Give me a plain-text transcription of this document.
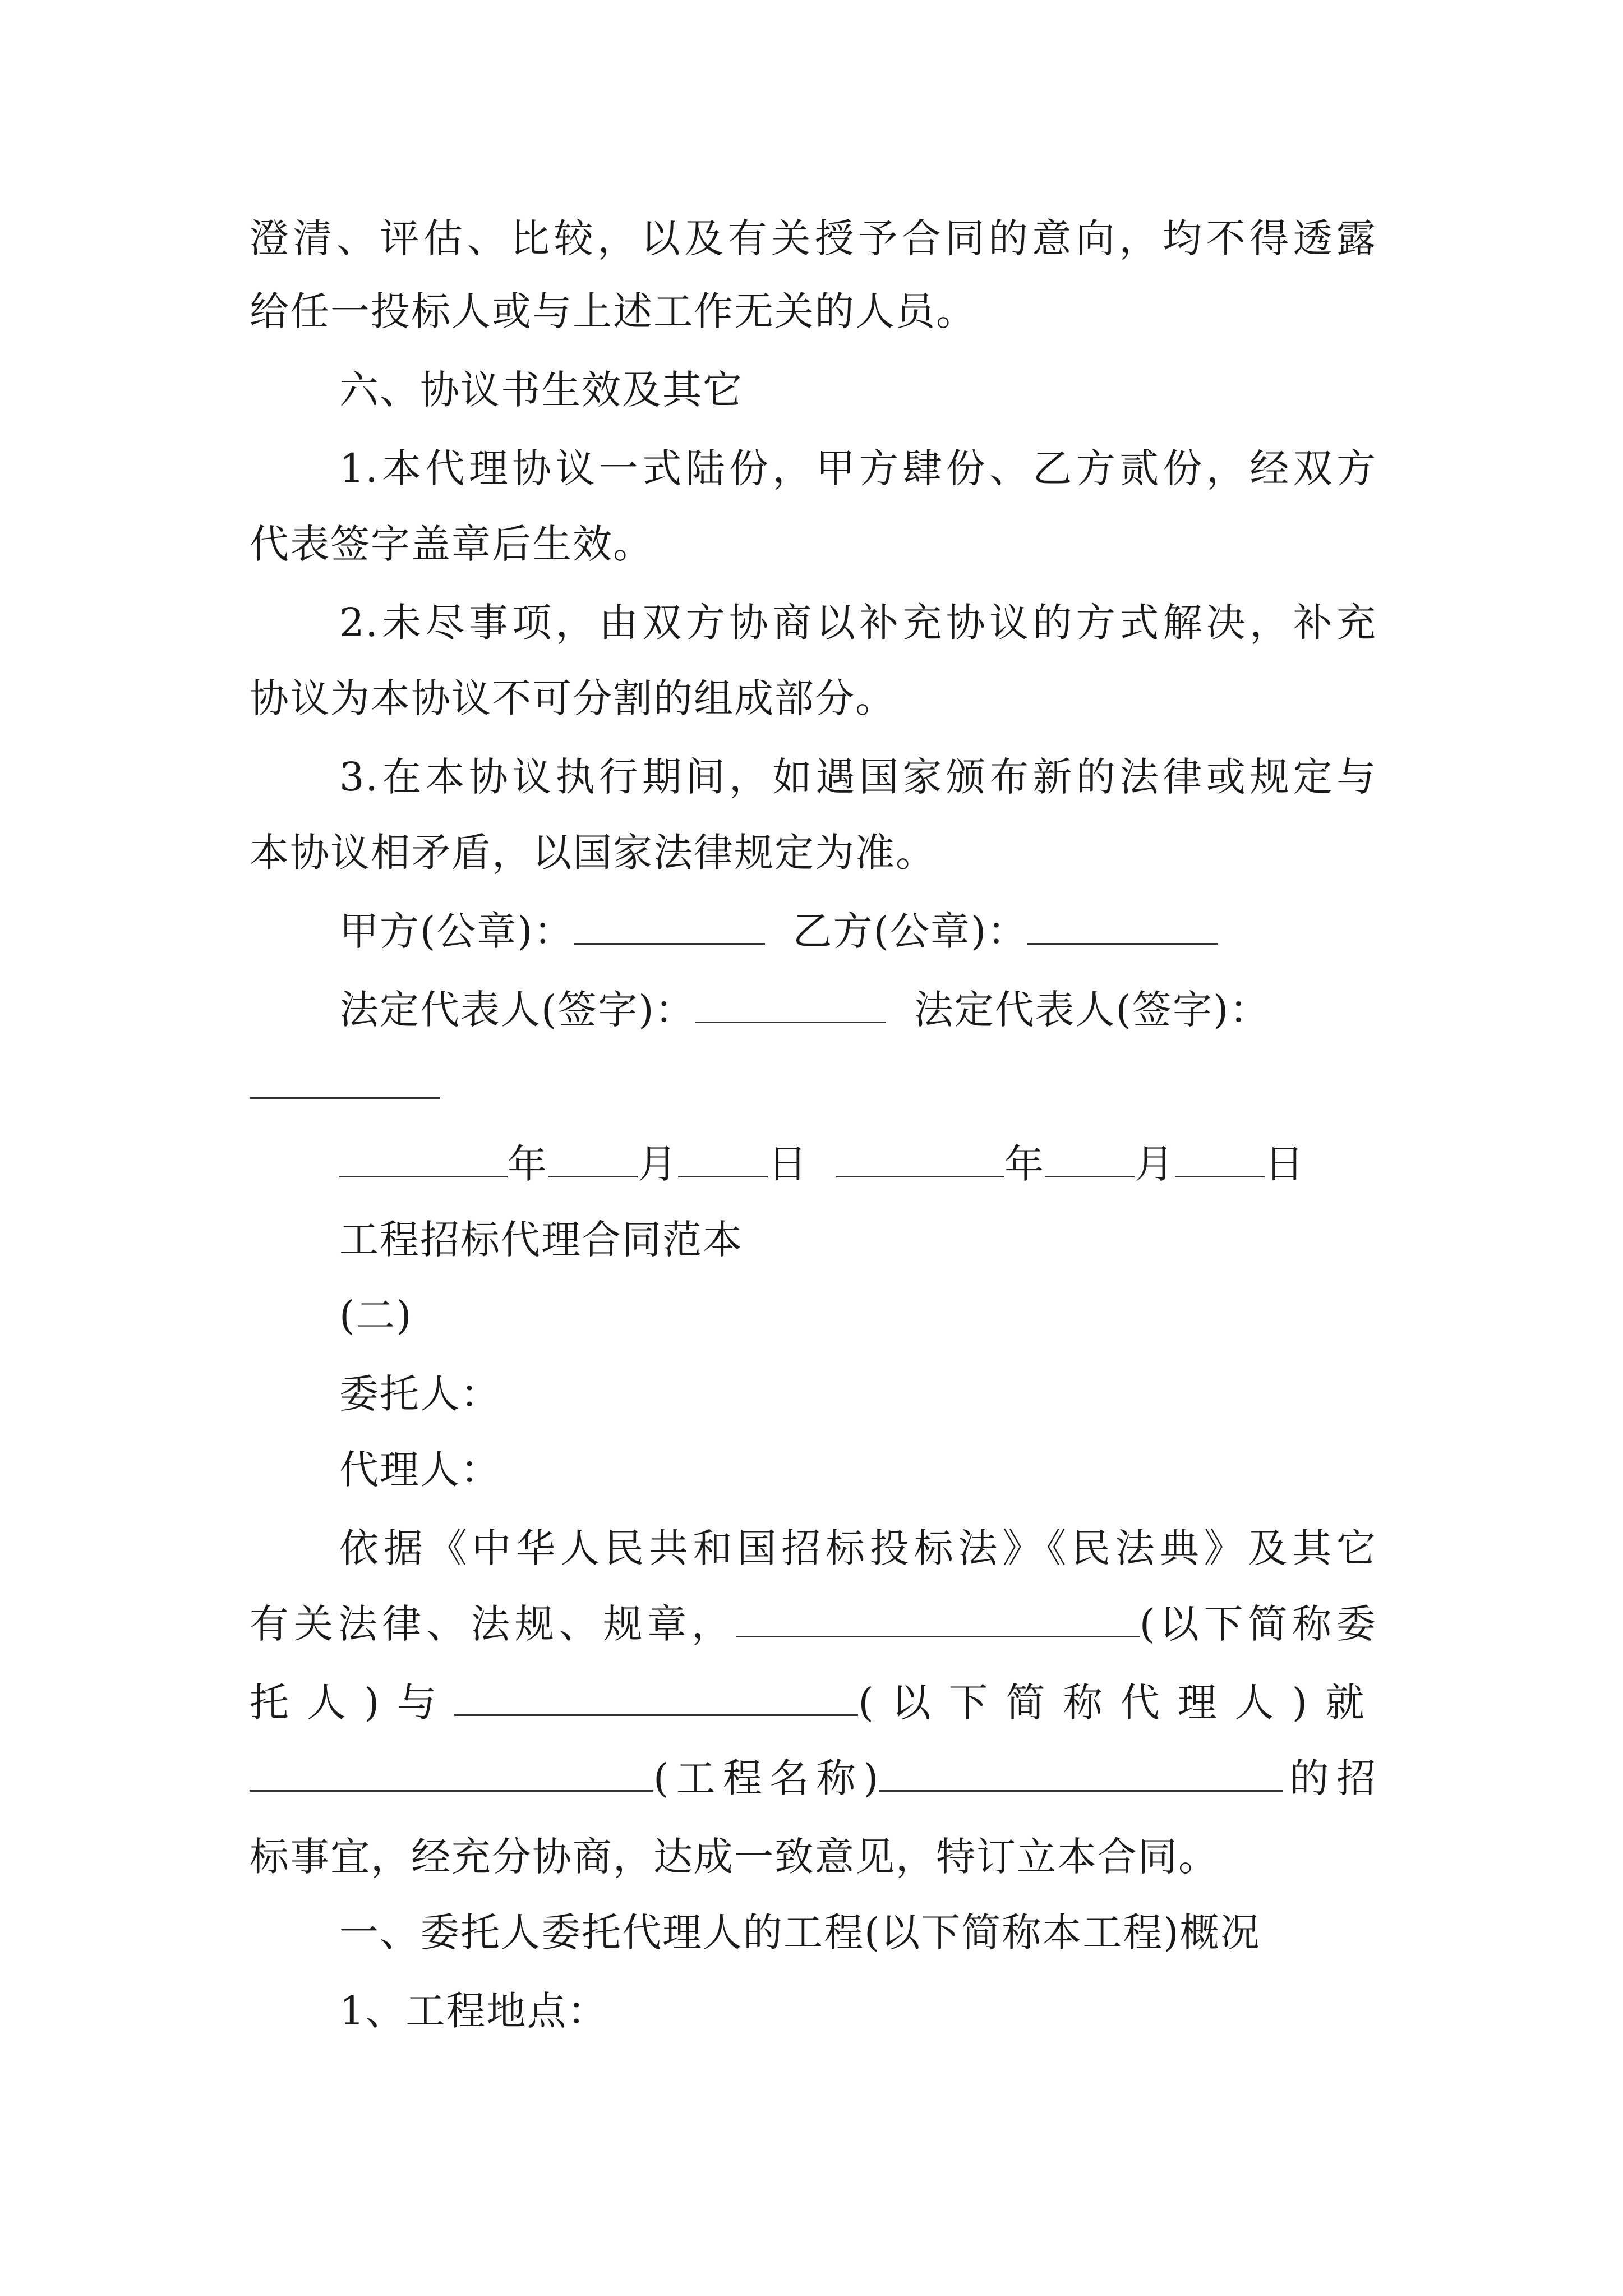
澄清、评估、比较，以及有关授予合同的意向，均不得透露
给任一投标人或与上述工作无关的人员。
六、协议书生效及其它
1.本代理协议一式陆份，甲方肆份、乙方贰份，经双方
代表签字盖章后生效。
2.未尽事项，由双方协商以补充协议的方式解决，补充
协议为本协议不可分割的组成部分。
3.在本协议执行期间，如遇国家颁布新的法律或规定与
本协议相矛盾，以国家法律规定为准。
甲方(公章)：	乙方(公章)：
法定代表人(签字)：	法定代表人(签字)：
年 月 日	年 月 日
工程招标代理合同范本
(二)
委托人：
代理人：
依据《中华人民共和国招标投标法》《民法典》及其它
有关法律、法规、规章，	(以下简称委
托人)与	(以下简称代理人)就
(工程名称)	的招
标事宜，经充分协商，达成一致意见，特订立本合同。
一、委托人委托代理人的工程(以下简称本工程)概况
1、工程地点：
